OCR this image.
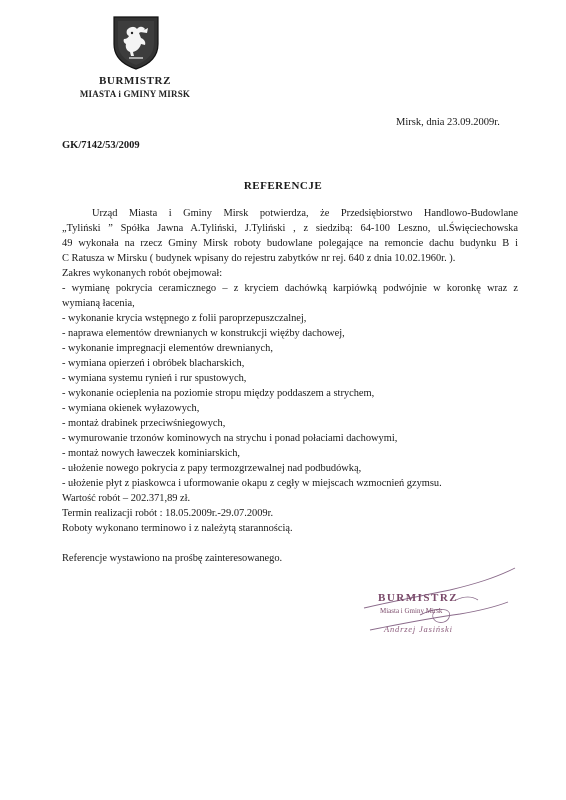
BURMISTRZ
MIASTA i GMINY MIRSK
Mirsk, dnia 23.09.2009r.
GK/7142/53/2009
REFERENCJE
Urząd Miasta i Gminy Mirsk potwierdza, że Przedsiębiorstwo Handlowo-Budowlane
„Tyliński ” Spółka Jawna A.Tyliński, J.Tyliński , z siedzibą: 64-100 Leszno, ul.Święciechowska
49 wykonała na rzecz Gminy Mirsk roboty budowlane polegające na remoncie dachu budynku B i
C Ratusza w Mirsku ( budynek wpisany do rejestru zabytków nr rej. 640 z dnia 10.02.1960r. ).
Zakres wykonanych robót obejmował:
- wymianę pokrycia ceramicznego – z kryciem dachówką karpiówką podwójnie w koronkę wraz z
wymianą łacenia,
- wykonanie krycia wstępnego z folii paroprzepuszczalnej,
- naprawa elementów drewnianych w konstrukcji więźby dachowej,
- wykonanie impregnacji elementów drewnianych,
- wymiana opierzeń i obróbek blacharskich,
- wymiana systemu rynień i rur spustowych,
- wykonanie ocieplenia na poziomie stropu między poddaszem a strychem,
- wymiana okienek wyłazowych,
- montaż drabinek przeciwśniegowych,
- wymurowanie trzonów kominowych na strychu i ponad połaciami dachowymi,
- montaż nowych ławeczek kominiarskich,
- ułożenie nowego pokrycia z papy termozgrzewalnej nad podbudówką,
- ułożenie płyt z piaskowca i uformowanie okapu z cegły w miejscach wzmocnień gzymsu.
Wartość robót – 202.371,89 zł.
Termin realizacji robót : 18.05.2009r.-29.07.2009r.
Roboty wykonano terminowo i z należytą starannością.
Referencje wystawiono na prośbę zainteresowanego.
BURMISTRZ
Miasta i Gminy Mirsk
Andrzej Jasiński
